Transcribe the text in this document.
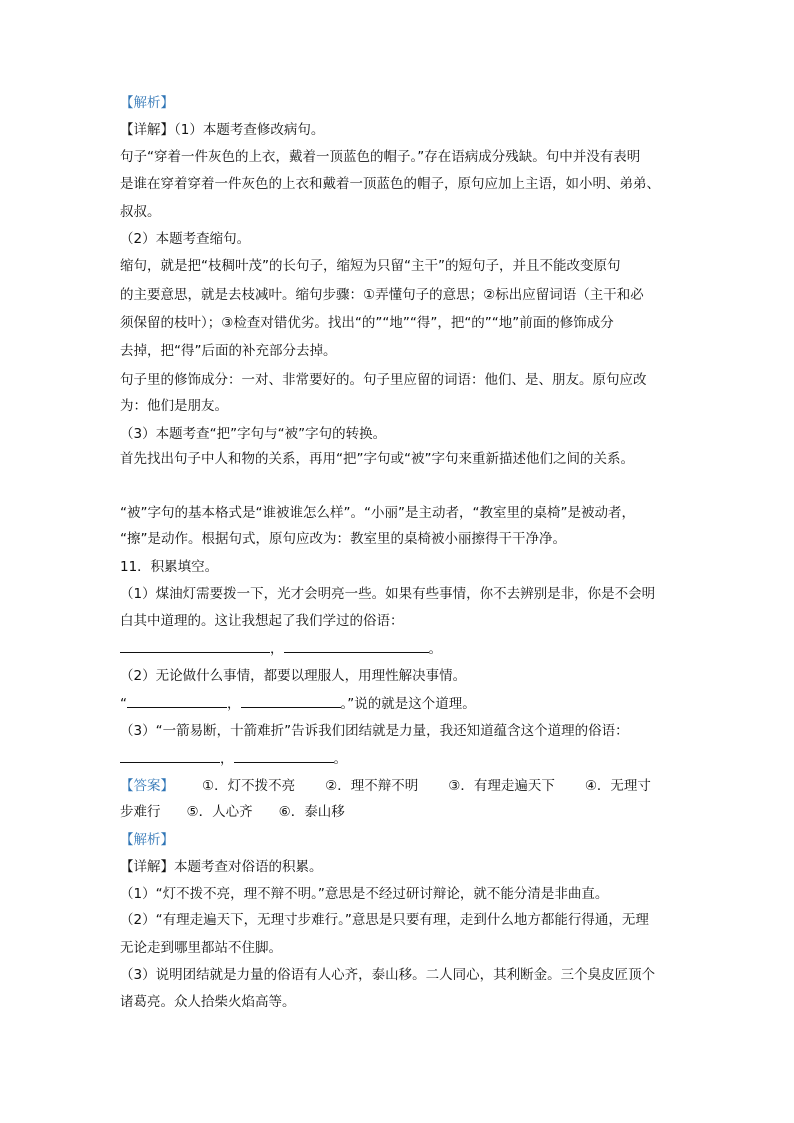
【解析】
【详解】（1）本题考查修改病句。
句子“穿着一件灰色的上衣，戴着一顶蓝色的帽子。”存在语病成分残缺。句中并没有表明
是谁在穿着穿着一件灰色的上衣和戴着一顶蓝色的帽子，原句应加上主语，如小明、弟弟、
叔叔。
（2）本题考查缩句。
缩句，就是把“枝稠叶茂”的长句子，缩短为只留“主干”的短句子，并且不能改变原句
的主要意思，就是去枝减叶。缩句步骤：①弄懂句子的意思；②标出应留词语（主干和必
须保留的枝叶）；③检查对错优劣。找出“的”“地”“得”，把“的”“地”前面的修饰成分
去掉，把“得”后面的补充部分去掉。
句子里的修饰成分：一对、非常要好的。句子里应留的词语：他们、是、朋友。原句应改
为：他们是朋友。
（3）本题考查“把”字句与“被”字句的转换。
首先找出句子中人和物的关系，再用“把”字句或“被”字句来重新描述他们之间的关系。
“被”字句的基本格式是“谁被谁怎么样”。“小丽”是主动者，“教室里的桌椅”是被动者，
“擦”是动作。根据句式，原句应改为：教室里的桌椅被小丽擦得干干净净。
11．积累填空。
（1）煤油灯需要拨一下，光才会明亮一些。如果有些事情，你不去辨别是非，你是不会明
白其中道理的。这让我想起了我们学过的俗语：
，	。
（2）无论做什么事情，都要以理服人，用理性解决事情。
“	，	。”说的就是这个道理。
（3）“一箭易断，十箭难折”告诉我们团结就是力量，我还知道蕴含这个道理的俗语：
，	。
【答案】 ①．灯不拨不亮 ②．理不辩不明 ③．有理走遍天下 ④．无理寸
步难行 ⑤．人心齐 ⑥．泰山移
【解析】
【详解】本题考查对俗语的积累。
（1）“灯不拨不亮，理不辩不明。”意思是不经过研讨辩论，就不能分清是非曲直。
（2）“有理走遍天下，无理寸步难行。”意思是只要有理，走到什么地方都能行得通，无理
无论走到哪里都站不住脚。
（3）说明团结就是力量的俗语有人心齐，泰山移。二人同心，其利断金。三个臭皮匠顶个
诸葛亮。众人拾柴火焰高等。
